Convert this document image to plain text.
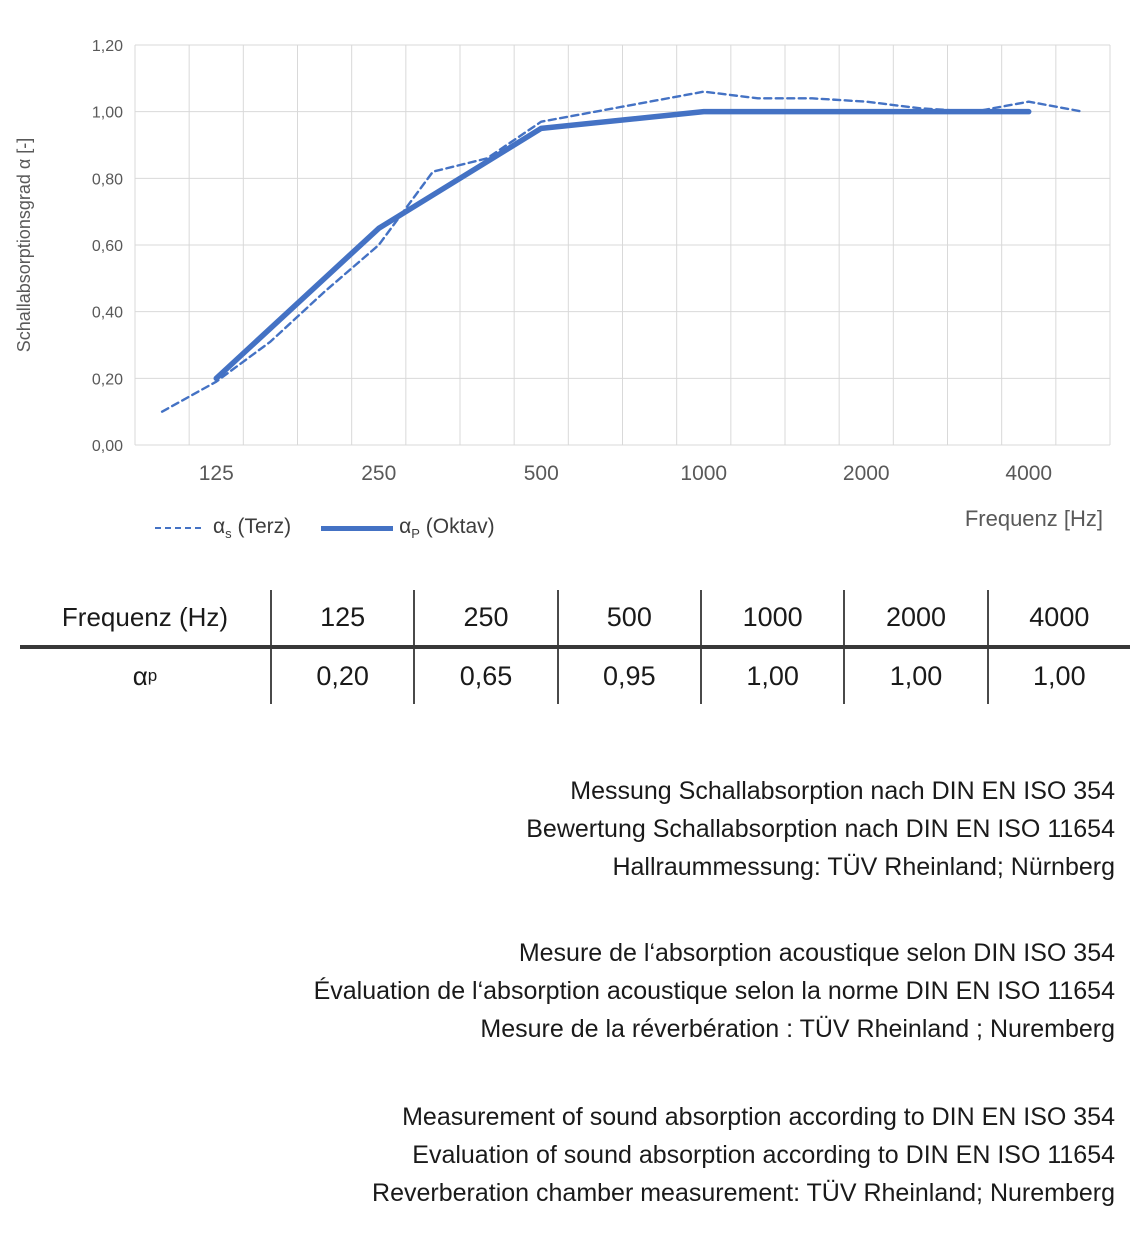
Schallabsorptionsgrad α [-]
0,00
0,20
0,40
0,60
0,80
1,00
1,20
125	250	500	1000	2000	4000
Frequenz [Hz]
$\alpha_s$ (Terz)	$\alpha_P$ (Oktav)
Frequenz (Hz)	125	250	500	1000	2000	4000
α p	0,20	0,65	0,95	1,00	1,00	1,00
Messung Schallabsorption nach DIN EN ISO 354
Bewertung Schallabsorption nach DIN EN ISO 11654
Hallraummessung: TÜV Rheinland; Nürnberg
Mesure de l‘absorption acoustique selon DIN ISO 354
Évaluation de l‘absorption acoustique selon la norme DIN EN ISO 11654
Mesure de la réverbération : TÜV Rheinland ; Nuremberg
Measurement of sound absorption according to DIN EN ISO 354
Evaluation of sound absorption according to DIN EN ISO 11654
Reverberation chamber measurement: TÜV Rheinland; Nuremberg
